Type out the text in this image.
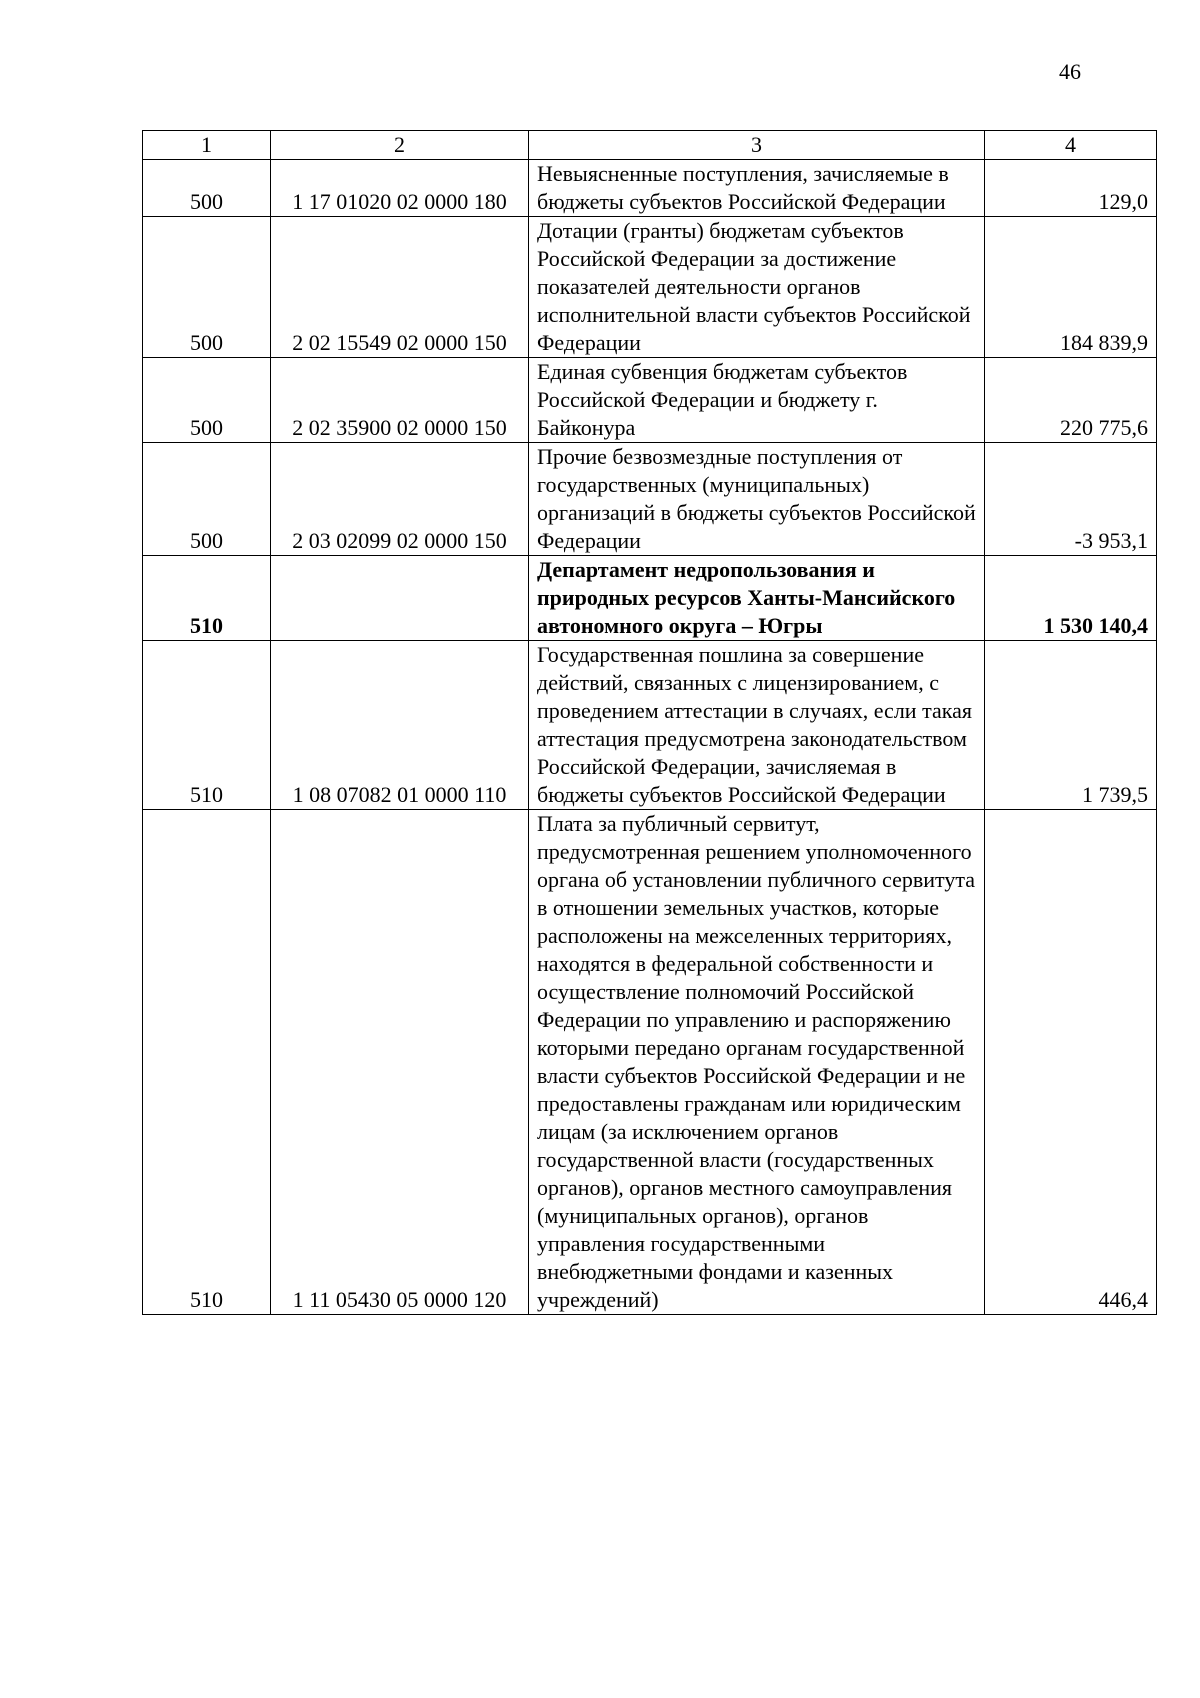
46
1	2	3	4
500	1 17 01020 02 0000 180	Невыясненные поступления, зачисляемые в бюджеты субъектов Российской Федерации	129,0
500	2 02 15549 02 0000 150	Дотации (гранты) бюджетам субъектов Российской Федерации за достижение показателей деятельности органов исполнительной власти субъектов Российской Федерации	184 839,9
500	2 02 35900 02 0000 150	Единая субвенция бюджетам субъектов Российской Федерации и бюджету г. Байконура	220 775,6
500	2 03 02099 02 0000 150	Прочие безвозмездные поступления от государственных (муниципальных) организаций в бюджеты субъектов Российской Федерации	-3 953,1
510		Департамент недропользования и природных ресурсов Ханты-Мансийского автономного округа – Югры	1 530 140,4
510	1 08 07082 01 0000 110	Государственная пошлина за совершение действий, связанных с лицензированием, с проведением аттестации в случаях, если такая аттестация предусмотрена законодательством Российской Федерации, зачисляемая в бюджеты субъектов Российской Федерации	1 739,5
510	1 11 05430 05 0000 120	Плата за публичный сервитут, предусмотренная решением уполномоченного органа об установлении публичного сервитута в отношении земельных участков, которые расположены на межселенных территориях, находятся в федеральной собственности и осуществление полномочий Российской Федерации по управлению и распоряжению которыми передано органам государственной власти субъектов Российской Федерации и не предоставлены гражданам или юридическим лицам (за исключением органов государственной власти (государственных органов), органов местного самоуправления (муниципальных органов), органов управления государственными внебюджетными фондами и казенных учреждений)	446,4
